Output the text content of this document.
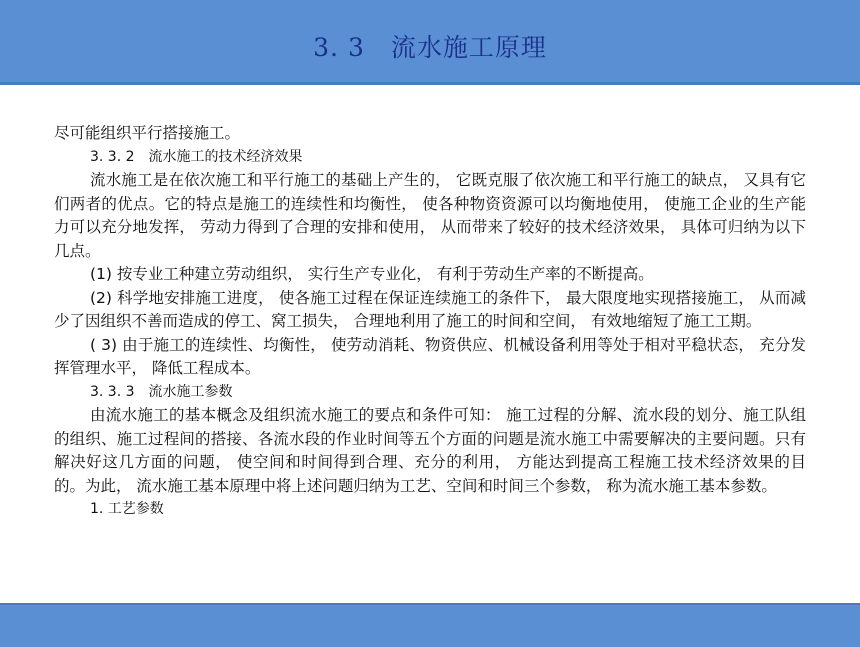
3. 3　流水施工原理

尽可能组织平行搭接施工。

3. 3. 2　流水施工的技术经济效果

流水施工是在依次施工和平行施工的基础上产生的， 它既克服了依次施工和平行施工的缺点， 又具有它们两者的优点。它的特点是施工的连续性和均衡性， 使各种物资资源可以均衡地使用， 使施工企业的生产能力可以充分地发挥， 劳动力得到了合理的安排和使用， 从而带来了较好的技术经济效果， 具体可归纳为以下几点。

(1) 按专业工种建立劳动组织， 实行生产专业化， 有利于劳动生产率的不断提高。

(2) 科学地安排施工进度， 使各施工过程在保证连续施工的条件下， 最大限度地实现搭接施工， 从而减少了因组织不善而造成的停工、窝工损失， 合理地利用了施工的时间和空间， 有效地缩短了施工工期。

( 3) 由于施工的连续性、均衡性， 使劳动消耗、物资供应、机械设备利用等处于相对平稳状态， 充分发挥管理水平， 降低工程成本。

3. 3. 3　流水施工参数

由流水施工的基本概念及组织流水施工的要点和条件可知： 施工过程的分解、流水段的划分、施工队组的组织、施工过程间的搭接、各流水段的作业时间等五个方面的问题是流水施工中需要解决的主要问题。只有解决好这几方面的问题， 使空间和时间得到合理、充分的利用， 方能达到提高工程施工技术经济效果的目的。为此， 流水施工基本原理中将上述问题归纳为工艺、空间和时间三个参数， 称为流水施工基本参数。

1. 工艺参数
